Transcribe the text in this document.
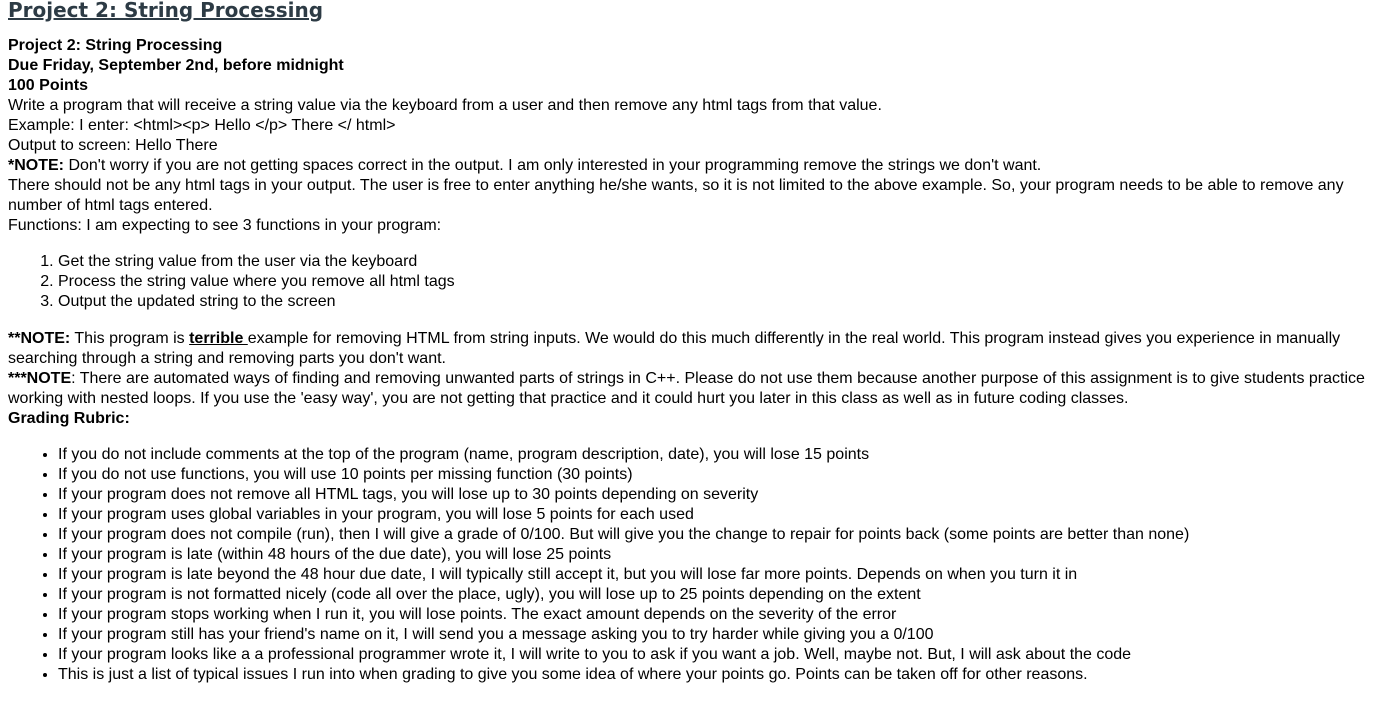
Project 2: String Processing
Project 2: String Processing
Due Friday, September 2nd, before midnight
100 Points
Write a program that will receive a string value via the keyboard from a user and then remove any html tags from that value.
Example: I enter: <html><p> Hello </p> There </ html>
Output to screen: Hello There
*NOTE: Don't worry if you are not getting spaces correct in the output. I am only interested in your programming remove the strings we don't want.
There should not be any html tags in your output. The user is free to enter anything he/she wants, so it is not limited to the above example. So, your program needs to be able to remove any number of html tags entered.
Functions: I am expecting to see 3 functions in your program:
1. Get the string value from the user via the keyboard
2. Process the string value where you remove all html tags
3. Output the updated string to the screen
**NOTE: This program is terrible example for removing HTML from string inputs. We would do this much differently in the real world. This program instead gives you experience in manually searching through a string and removing parts you don't want.
***NOTE: There are automated ways of finding and removing unwanted parts of strings in C++. Please do not use them because another purpose of this assignment is to give students practice working with nested loops. If you use the 'easy way', you are not getting that practice and it could hurt you later in this class as well as in future coding classes.
Grading Rubric:
• If you do not include comments at the top of the program (name, program description, date), you will lose 15 points
• If you do not use functions, you will use 10 points per missing function (30 points)
• If your program does not remove all HTML tags, you will lose up to 30 points depending on severity
• If your program uses global variables in your program, you will lose 5 points for each used
• If your program does not compile (run), then I will give a grade of 0/100. But will give you the change to repair for points back (some points are better than none)
• If your program is late (within 48 hours of the due date), you will lose 25 points
• If your program is late beyond the 48 hour due date, I will typically still accept it, but you will lose far more points. Depends on when you turn it in
• If your program is not formatted nicely (code all over the place, ugly), you will lose up to 25 points depending on the extent
• If your program stops working when I run it, you will lose points. The exact amount depends on the severity of the error
• If your program still has your friend's name on it, I will send you a message asking you to try harder while giving you a 0/100
• If your program looks like a a professional programmer wrote it, I will write to you to ask if you want a job. Well, maybe not. But, I will ask about the code
• This is just a list of typical issues I run into when grading to give you some idea of where your points go. Points can be taken off for other reasons.
